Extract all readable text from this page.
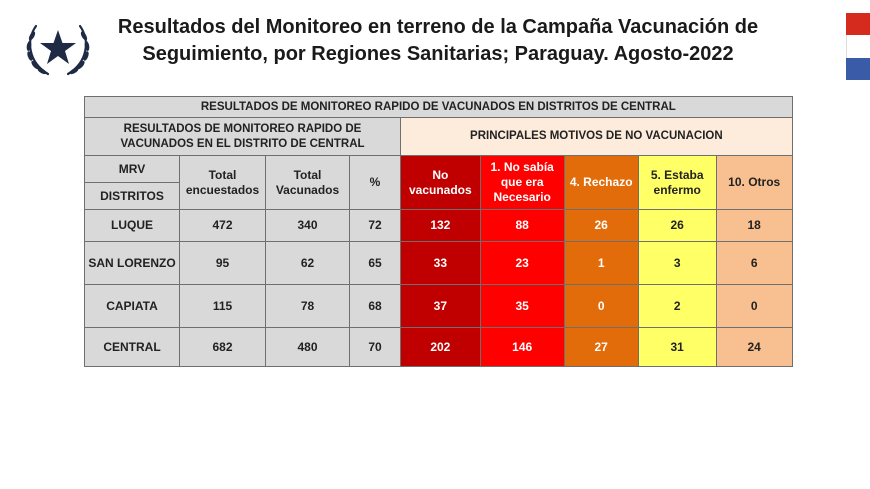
Resultados del Monitoreo en terreno de la Campaña Vacunación de
Seguimiento, por Regiones Sanitarias; Paraguay. Agosto-2022
RESULTADOS DE MONITOREO RAPIDO DE VACUNADOS EN DISTRITOS DE CENTRAL								
RESULTADOS DE MONITOREO RAPIDO DE VACUNADOS EN EL DISTRITO DE CENTRAL				PRINCIPALES MOTIVOS DE NO VACUNACION				
MRV	Total encuestados	Total Vacunados	%	No vacunados	1. No sabía que era Necesario	4. Rechazo	5. Estaba enfermo	10. Otros
DISTRITOS								
LUQUE	472	340	72	132	88	26	26	18
SAN LORENZO	95	62	65	33	23	1	3	6
CAPIATA	115	78	68	37	35	0	2	0
CENTRAL	682	480	70	202	146	27	31	24
